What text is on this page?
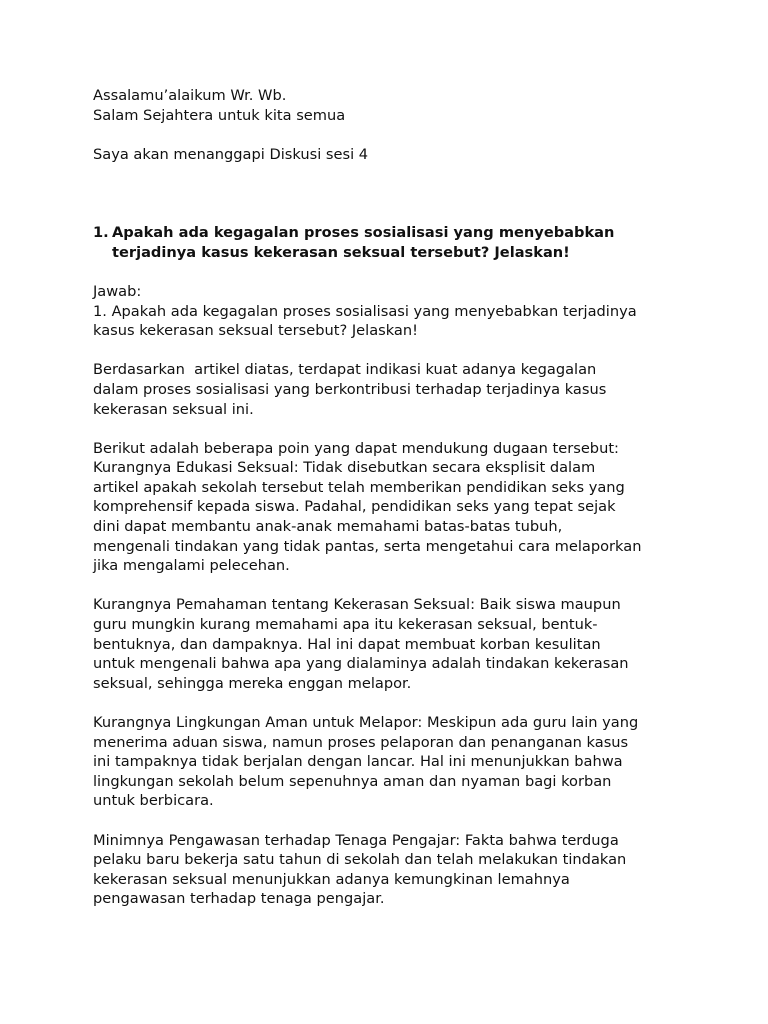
Assalamu’alaikum Wr. Wb.
Salam Sejahtera untuk kita semua
Saya akan menanggapi Diskusi sesi 4
1. Apakah ada kegagalan proses sosialisasi yang menyebabkan
terjadinya kasus kekerasan seksual tersebut? Jelaskan!
Jawab:
1. Apakah ada kegagalan proses sosialisasi yang menyebabkan terjadinya
kasus kekerasan seksual tersebut? Jelaskan!
Berdasarkan  artikel diatas, terdapat indikasi kuat adanya kegagalan
dalam proses sosialisasi yang berkontribusi terhadap terjadinya kasus
kekerasan seksual ini.
Berikut adalah beberapa poin yang dapat mendukung dugaan tersebut:
Kurangnya Edukasi Seksual: Tidak disebutkan secara eksplisit dalam
artikel apakah sekolah tersebut telah memberikan pendidikan seks yang
komprehensif kepada siswa. Padahal, pendidikan seks yang tepat sejak
dini dapat membantu anak-anak memahami batas-batas tubuh,
mengenali tindakan yang tidak pantas, serta mengetahui cara melaporkan
jika mengalami pelecehan.
Kurangnya Pemahaman tentang Kekerasan Seksual: Baik siswa maupun
guru mungkin kurang memahami apa itu kekerasan seksual, bentuk-
bentuknya, dan dampaknya. Hal ini dapat membuat korban kesulitan
untuk mengenali bahwa apa yang dialaminya adalah tindakan kekerasan
seksual, sehingga mereka enggan melapor.
Kurangnya Lingkungan Aman untuk Melapor: Meskipun ada guru lain yang
menerima aduan siswa, namun proses pelaporan dan penanganan kasus
ini tampaknya tidak berjalan dengan lancar. Hal ini menunjukkan bahwa
lingkungan sekolah belum sepenuhnya aman dan nyaman bagi korban
untuk berbicara.
Minimnya Pengawasan terhadap Tenaga Pengajar: Fakta bahwa terduga
pelaku baru bekerja satu tahun di sekolah dan telah melakukan tindakan
kekerasan seksual menunjukkan adanya kemungkinan lemahnya
pengawasan terhadap tenaga pengajar.
